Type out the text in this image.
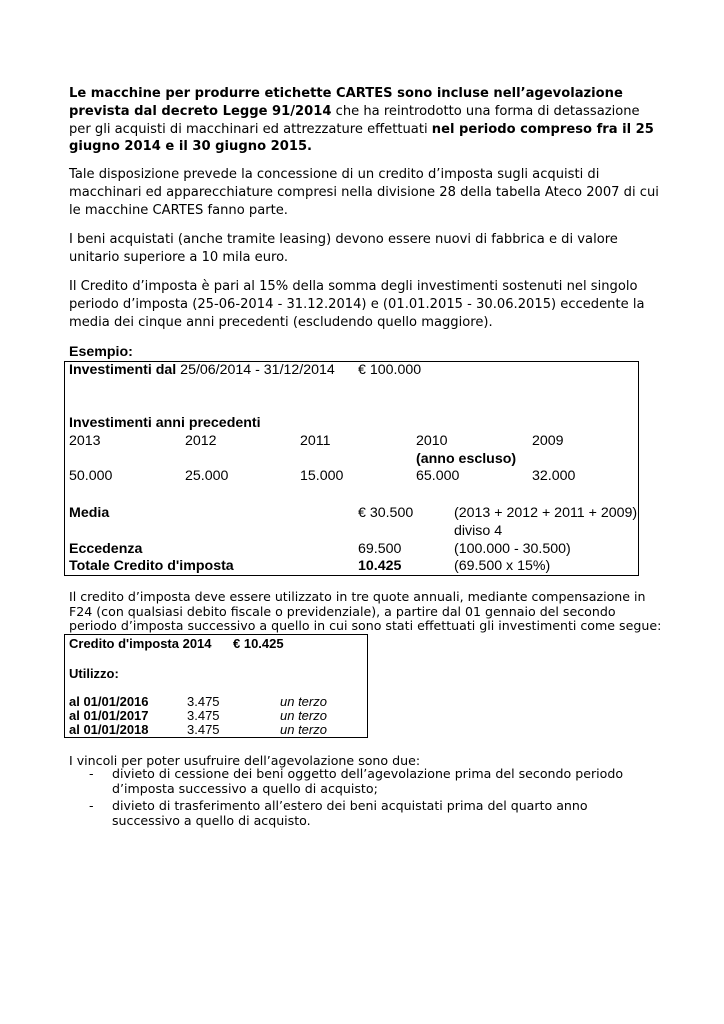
Le macchine per produrre etichette CARTES sono incluse nell’agevolazione prevista dal decreto Legge 91/2014 che ha reintrodotto una forma di detassazione per gli acquisti di macchinari ed attrezzature effettuati nel periodo compreso fra il 25 giugno 2014 e il 30 giugno 2015.

Tale disposizione prevede la concessione di un credito d’imposta sugli acquisti di macchinari ed apparecchiature compresi nella divisione 28 della tabella Ateco 2007 di cui le macchine CARTES fanno parte.

I beni acquistati (anche tramite leasing) devono essere nuovi di fabbrica e di valore unitario superiore a 10 mila euro.

Il Credito d’imposta è pari al 15% della somma degli investimenti sostenuti nel singolo periodo d’imposta (25-06-2014 - 31.12.2014) e (01.01.2015 - 30.06.2015) eccedente la media dei cinque anni precedenti (escludendo quello maggiore).

Esempio:
Investimenti dal 25/06/2014 - 31/12/2014 € 100.000
Investimenti anni precedenti
2013	2012	2011	2010	2009
(anno escluso)
50.000	25.000	15.000	65.000	32.000
Media	€ 30.500	(2013 + 2012 + 2011 + 2009)
diviso 4
Eccedenza	69.500	(100.000 - 30.500)
Totale Credito d'imposta	10.425	(69.500 x 15%)

Il credito d’imposta deve essere utilizzato in tre quote annuali, mediante compensazione in F24 (con qualsiasi debito fiscale o previdenziale), a partire dal 01 gennaio del secondo periodo d’imposta successivo a quello in cui sono stati effettuati gli investimenti come segue:

Credito d'imposta 2014 € 10.425
Utilizzo:
al 01/01/2016	3.475	un terzo
al 01/01/2017	3.475	un terzo
al 01/01/2018	3.475	un terzo

I vincoli per poter usufruire dell’agevolazione sono due:

- divieto di cessione dei beni oggetto dell’agevolazione prima del secondo periodo d’imposta successivo a quello di acquisto;

- divieto di trasferimento all’estero dei beni acquistati prima del quarto anno successivo a quello di acquisto.
